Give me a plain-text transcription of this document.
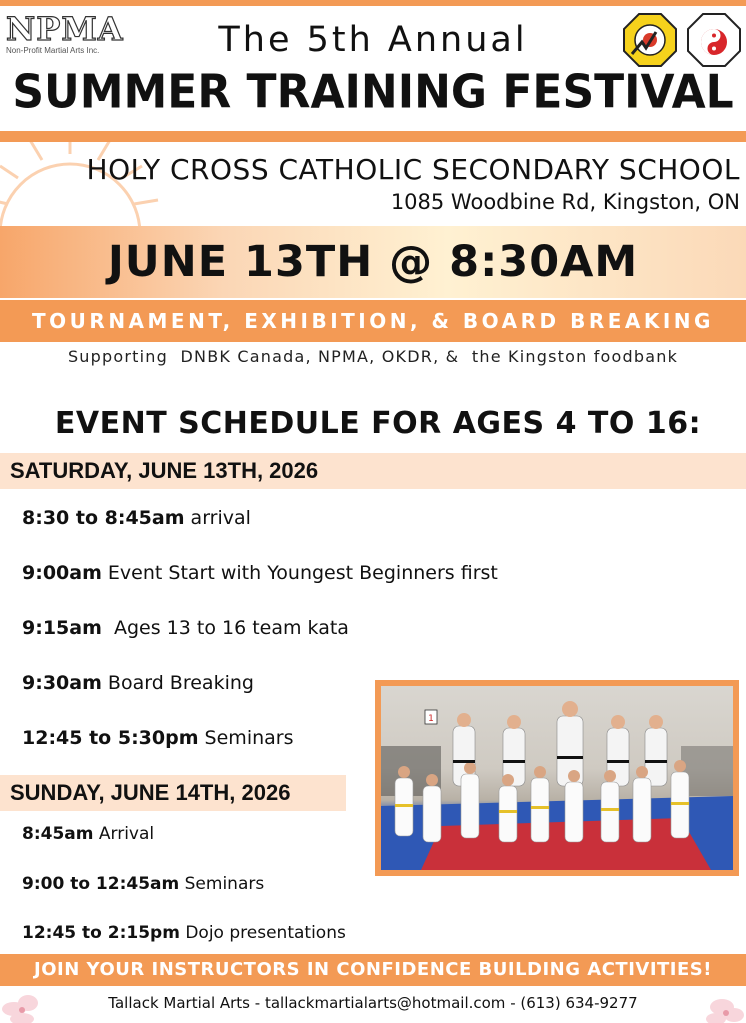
NPMA
Non-Profit Martial Arts Inc.	The 5th Annual
SUMMER TRAINING FESTIVAL
HOLY CROSS CATHOLIC SECONDARY SCHOOL
1085 Woodbine Rd, Kingston, ON
JUNE 13TH @ 8:30AM
TOURNAMENT, EXHIBITION, & BOARD BREAKING
Supporting  DNBK Canada, NPMA, OKDR, &  the Kingston foodbank
EVENT SCHEDULE FOR AGES 4 TO 16:
SATURDAY, JUNE 13TH, 2026
8:30 to 8:45am arrival
9:00am Event Start with Youngest Beginners first
9:15am  Ages 13 to 16 team kata
9:30am Board Breaking
12:45 to 5:30pm Seminars
SUNDAY, JUNE 14TH, 2026
8:45am Arrival
9:00 to 12:45am Seminars
12:45 to 2:15pm Dojo presentations
1
JOIN YOUR INSTRUCTORS IN CONFIDENCE BUILDING ACTIVITIES!
Tallack Martial Arts - tallackmartialarts@hotmail.com - (613) 634-9277
